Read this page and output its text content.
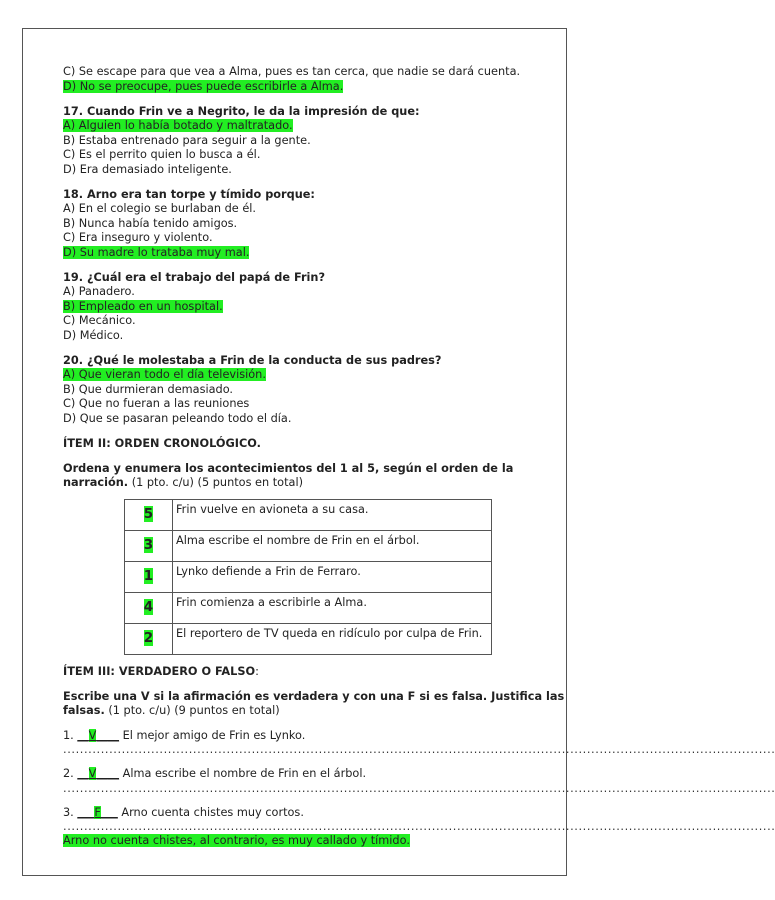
C) Se escape para que vea a Alma, pues es tan cerca, que nadie se dará cuenta.
D) No se preocupe, pues puede escribirle a Alma.
17. Cuando Frin ve a Negrito, le da la impresión de que:
A) Alguien lo había botado y maltratado.
B) Estaba entrenado para seguir a la gente.
C) Es el perrito quien lo busca a él.
D) Era demasiado inteligente.
18. Arno era tan torpe y tímido porque:
A) En el colegio se burlaban de él.
B) Nunca había tenido amigos.
C) Era inseguro y violento.
D) Su madre lo trataba muy mal.
19. ¿Cuál era el trabajo del papá de Frin?
A) Panadero.
B) Empleado en un hospital.
C) Mecánico.
D) Médico.
20. ¿Qué le molestaba a Frin de la conducta de sus padres?
A) Que vieran todo el día televisión.
B) Que durmieran demasiado.
C) Que no fueran a las reuniones
D) Que se pasaran peleando todo el día.
ÍTEM II: ORDEN CRONOLÓGICO.
Ordena y enumera los acontecimientos del 1 al 5, según el orden de la narración. (1 pto. c/u) (5 puntos en total)
5	Frin vuelve en avioneta a su casa.
3	Alma escribe el nombre de Frin en el árbol.
1	Lynko defiende a Frin de Ferraro.
4	Frin comienza a escribirle a Alma.
2	El reportero de TV queda en ridículo por culpa de Frin.
ÍTEM III: VERDADERO O FALSO:
Escribe una V si la afirmación es verdadera y con una F si es falsa. Justifica las falsas. (1 pto. c/u) (9 puntos en total)
1. __V____ El mejor amigo de Frin es Lynko.
..........................................................................................................................................................................
2. __V____ Alma escribe el nombre de Frin en el árbol.
..........................................................................................................................................................................
3. ___F___ Arno cuenta chistes muy cortos.
..........................................................................................................................................................................
Arno no cuenta chistes, al contrario, es muy callado y tímido.
